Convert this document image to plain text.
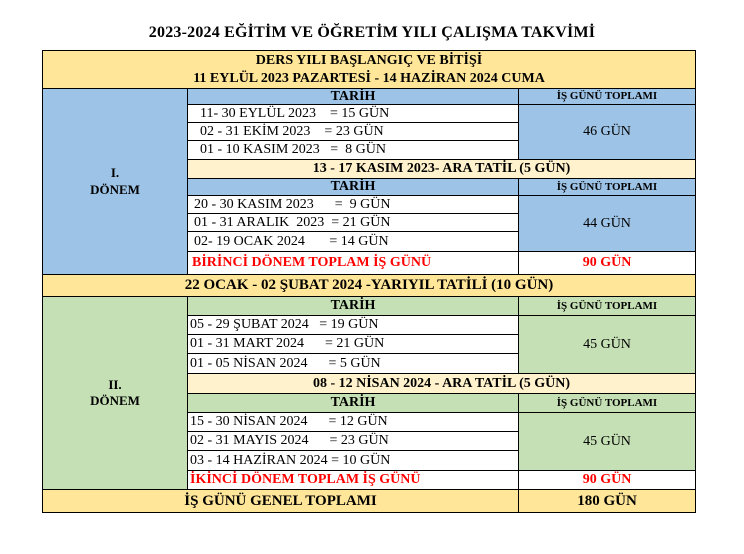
2023-2024 EĞİTİM VE ÖĞRETİM YILI ÇALIŞMA TAKVİMİ
DERS YILI BAŞLANGIÇ VE BİTİŞİ
11 EYLÜL 2023 PAZARTESİ - 14 HAZİRAN 2024 CUMA
I.
DÖNEM
TARİH	İŞ GÜNÜ TOPLAMI
11- 30 EYLÜL 2023    = 15 GÜN
02 - 31 EKİM 2023    = 23 GÜN
01 - 10 KASIM 2023   =  8 GÜN
46 GÜN
13 - 17 KASIM 2023- ARA TATİL (5 GÜN)
TARİH	İŞ GÜNÜ TOPLAMI
20 - 30 KASIM 2023      =  9 GÜN
01 - 31 ARALIK  2023  = 21 GÜN
02- 19 OCAK 2024       = 14 GÜN
44 GÜN
BİRİNCİ DÖNEM TOPLAM İŞ GÜNÜ	90 GÜN
22 OCAK - 02 ŞUBAT 2024 -YARIYIL TATİLİ (10 GÜN)
II.
DÖNEM
TARİH	İŞ GÜNÜ TOPLAMI
05 - 29 ŞUBAT 2024   = 19 GÜN
01 - 31 MART 2024      = 21 GÜN
01 - 05 NİSAN 2024      = 5 GÜN
45 GÜN
08 - 12 NİSAN 2024 - ARA TATİL (5 GÜN)
TARİH	İŞ GÜNÜ TOPLAMI
15 - 30 NİSAN 2024      = 12 GÜN
02 - 31 MAYIS 2024      = 23 GÜN
03 - 14 HAZİRAN 2024 = 10 GÜN
45 GÜN
İKİNCİ DÖNEM TOPLAM İŞ GÜNÜ	90 GÜN
İŞ GÜNÜ GENEL TOPLAMI	180 GÜN
